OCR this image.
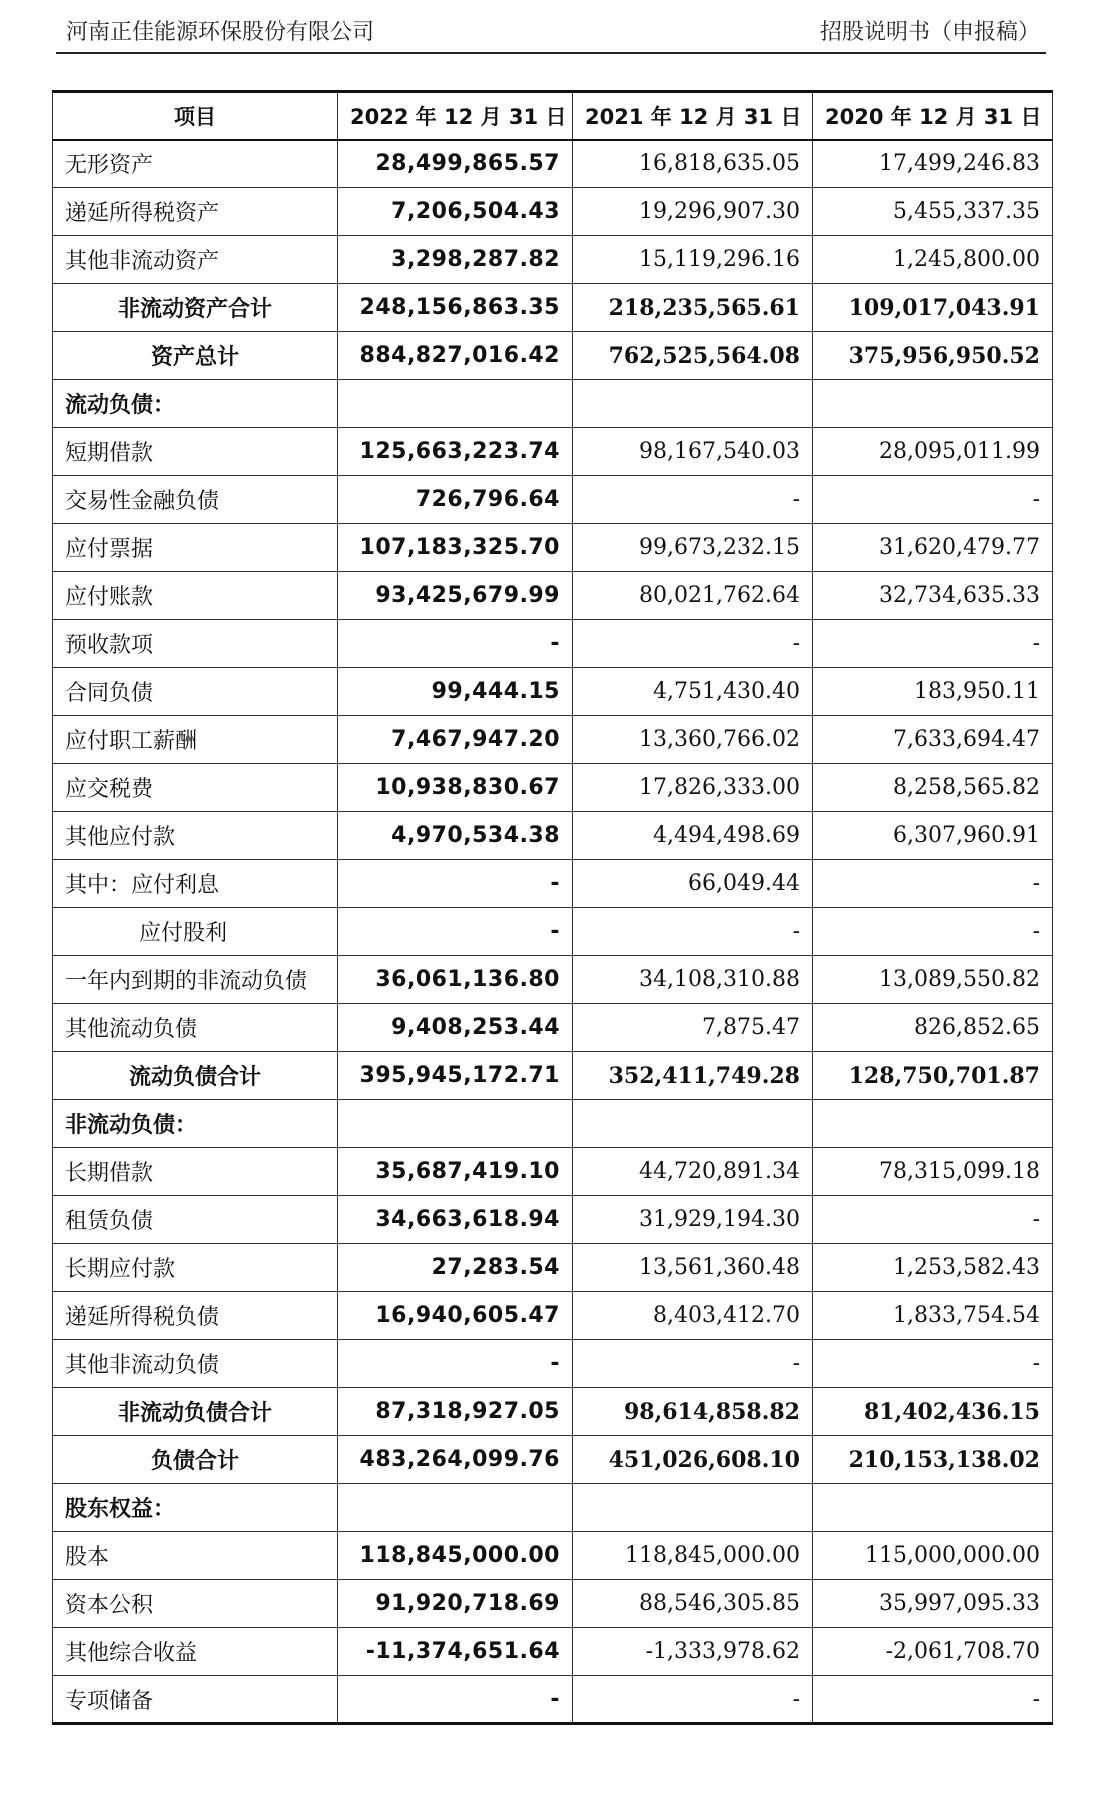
河南正佳能源环保股份有限公司	招股说明书（申报稿）
项目	2022 年 12 月 31 日	2021 年 12 月 31 日	2020 年 12 月 31 日
无形资产	28,499,865.57	16,818,635.05	17,499,246.83
递延所得税资产	7,206,504.43	19,296,907.30	5,455,337.35
其他非流动资产	3,298,287.82	15,119,296.16	1,245,800.00
非流动资产合计	248,156,863.35	218,235,565.61	109,017,043.91
资产总计	884,827,016.42	762,525,564.08	375,956,950.52
流动负债：			
短期借款	125,663,223.74	98,167,540.03	28,095,011.99
交易性金融负债	726,796.64	-	-
应付票据	107,183,325.70	99,673,232.15	31,620,479.77
应付账款	93,425,679.99	80,021,762.64	32,734,635.33
预收款项	-	-	-
合同负债	99,444.15	4,751,430.40	183,950.11
应付职工薪酬	7,467,947.20	13,360,766.02	7,633,694.47
应交税费	10,938,830.67	17,826,333.00	8,258,565.82
其他应付款	4,970,534.38	4,494,498.69	6,307,960.91
其中：应付利息	-	66,049.44	-
应付股利	-	-	-
一年内到期的非流动负债	36,061,136.80	34,108,310.88	13,089,550.82
其他流动负债	9,408,253.44	7,875.47	826,852.65
流动负债合计	395,945,172.71	352,411,749.28	128,750,701.87
非流动负债：			
长期借款	35,687,419.10	44,720,891.34	78,315,099.18
租赁负债	34,663,618.94	31,929,194.30	-
长期应付款	27,283.54	13,561,360.48	1,253,582.43
递延所得税负债	16,940,605.47	8,403,412.70	1,833,754.54
其他非流动负债	-	-	-
非流动负债合计	87,318,927.05	98,614,858.82	81,402,436.15
负债合计	483,264,099.76	451,026,608.10	210,153,138.02
股东权益：			
股本	118,845,000.00	118,845,000.00	115,000,000.00
资本公积	91,920,718.69	88,546,305.85	35,997,095.33
其他综合收益	-11,374,651.64	-1,333,978.62	-2,061,708.70
专项储备	-	-	-
